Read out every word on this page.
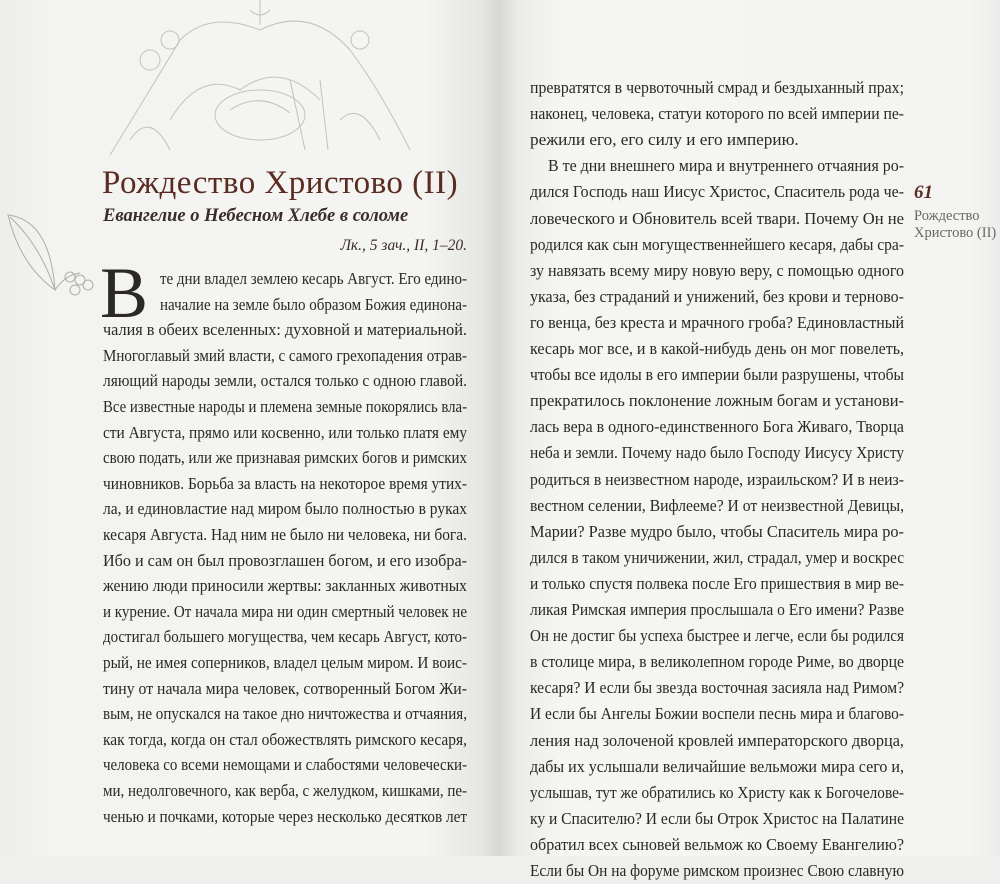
Рождество Христово (II)
Евангелие о Небесном Хлебе в соломе
Лк., 5 зач., II, 1–20.
В те дни владел землею кесарь Август. Его едино-
началие на земле было образом Божия единона-
чалия в обеих вселенных: духовной и материальной.
Многоглавый змий власти, с самого грехопадения отрав-
ляющий народы земли, остался только с одною главой.
Все известные народы и племена земные покорялись вла-
сти Августа, прямо или косвенно, или только платя ему
свою подать, или же признавая римских богов и римских
чиновников. Борьба за власть на некоторое время утих-
ла, и единовластие над миром было полностью в руках
кесаря Августа. Над ним не было ни человека, ни бога.
Ибо и сам он был провозглашен богом, и его изобра-
жению люди приносили жертвы: закланных животных
и курение. От начала мира ни один смертный человек не
достигал большего могущества, чем кесарь Август, кото-
рый, не имея соперников, владел целым миром. И воис-
тину от начала мира человек, сотворенный Богом Жи-
вым, не опускался на такое дно ничтожества и отчаяния,
как тогда, когда он стал обожествлять римского кесаря,
человека со всеми немощами и слабостями человечески-
ми, недолговечного, как верба, с желудком, кишками, пе-
ченью и почками, которые через несколько десятков лет
61
Рождество Христово (II)
превратятся в червоточный смрад и бездыханный прах;
наконец, человека, статуи которого по всей империи пе-
режили его, его силу и его империю.
В те дни внешнего мира и внутреннего отчаяния ро-
дился Господь наш Иисус Христос, Спаситель рода че-
ловеческого и Обновитель всей твари. Почему Он не
родился как сын могущественнейшего кесаря, дабы сра-
зу навязать всему миру новую веру, с помощью одного
указа, без страданий и унижений, без крови и терново-
го венца, без креста и мрачного гроба? Единовластный
кесарь мог все, и в какой-нибудь день он мог повелеть,
чтобы все идолы в его империи были разрушены, чтобы
прекратилось поклонение ложным богам и установи-
лась вера в одного-единственного Бога Живаго, Творца
неба и земли. Почему надо было Господу Иисусу Христу
родиться в неизвестном народе, израильском? И в неиз-
вестном селении, Вифлееме? И от неизвестной Девицы,
Марии? Разве мудро было, чтобы Спаситель мира ро-
дился в таком уничижении, жил, страдал, умер и воскрес
и только спустя полвека после Его пришествия в мир ве-
ликая Римская империя прослышала о Его имени? Разве
Он не достиг бы успеха быстрее и легче, если бы родился
в столице мира, в великолепном городе Риме, во дворце
кесаря? И если бы звезда восточная засияла над Римом?
И если бы Ангелы Божии воспели песнь мира и благово-
ления над золоченой кровлей императорского дворца,
дабы их услышали величайшие вельможи мира сего и,
услышав, тут же обратились ко Христу как к Богочелове-
ку и Спасителю? И если бы Отрок Христос на Палатине
обратил всех сыновей вельмож ко Своему Евангелию?
Если бы Он на форуме римском произнес Свою славную
